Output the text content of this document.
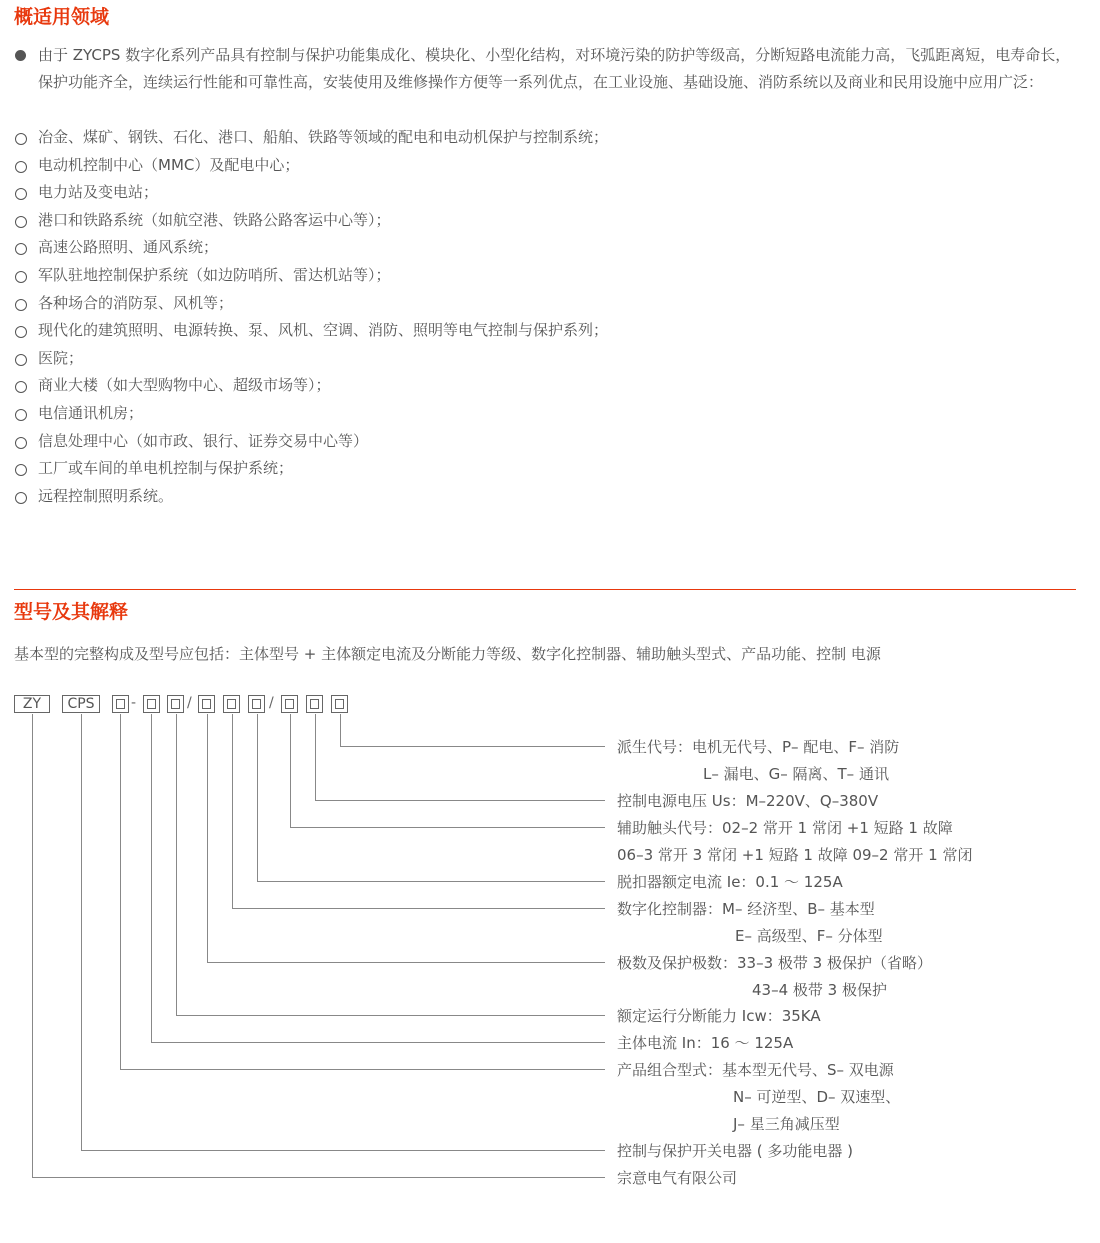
概适用领域
由于 ZYCPS 数字化系列产品具有控制与保护功能集成化、模块化、小型化结构，对环境污染的防护等级高，分断短路电流能力高，飞弧距离短，电寿命长，保护功能齐全，连续运行性能和可靠性高，安装使用及维修操作方便等一系列优点，在工业设施、基础设施、消防系统以及商业和民用设施中应用广泛：
冶金、煤矿、钢铁、石化、港口、船舶、铁路等领域的配电和电动机保护与控制系统；
电动机控制中心（MMC）及配电中心；
电力站及变电站；
港口和铁路系统（如航空港、铁路公路客运中心等）；
高速公路照明、通风系统；
军队驻地控制保护系统（如边防哨所、雷达机站等）；
各种场合的消防泵、风机等；
现代化的建筑照明、电源转换、泵、风机、空调、消防、照明等电气控制与保护系列；
医院；
商业大楼（如大型购物中心、超级市场等）；
电信通讯机房；
信息处理中心（如市政、银行、证券交易中心等）
工厂或车间的单电机控制与保护系统；
远程控制照明系统。
型号及其解释
基本型的完整构成及型号应包括：主体型号 + 主体额定电流及分断能力等级、数字化控制器、辅助触头型式、产品功能、控制 电源
ZY	CPS	-	/	/
派生代号：电机无代号、P– 配电、F– 消防
L– 漏电、G– 隔离、T– 通讯
控制电源电压 Us：M–220V、Q–380V
辅助触头代号：02–2 常开 1 常闭 +1 短路 1 故障
06–3 常开 3 常闭 +1 短路 1 故障 09–2 常开 1 常闭
脱扣器额定电流 Ie：0.1 ～ 125A
数字化控制器：M– 经济型、B– 基本型
E– 高级型、F– 分体型
极数及保护极数：33–3 极带 3 极保护（省略）
43–4 极带 3 极保护
额定运行分断能力 Icw：35KA
主体电流 In：16 ～ 125A
产品组合型式：基本型无代号、S– 双电源
N– 可逆型、D– 双速型、
J– 星三角减压型
控制与保护开关电器 ( 多功能电器 )
宗意电气有限公司
